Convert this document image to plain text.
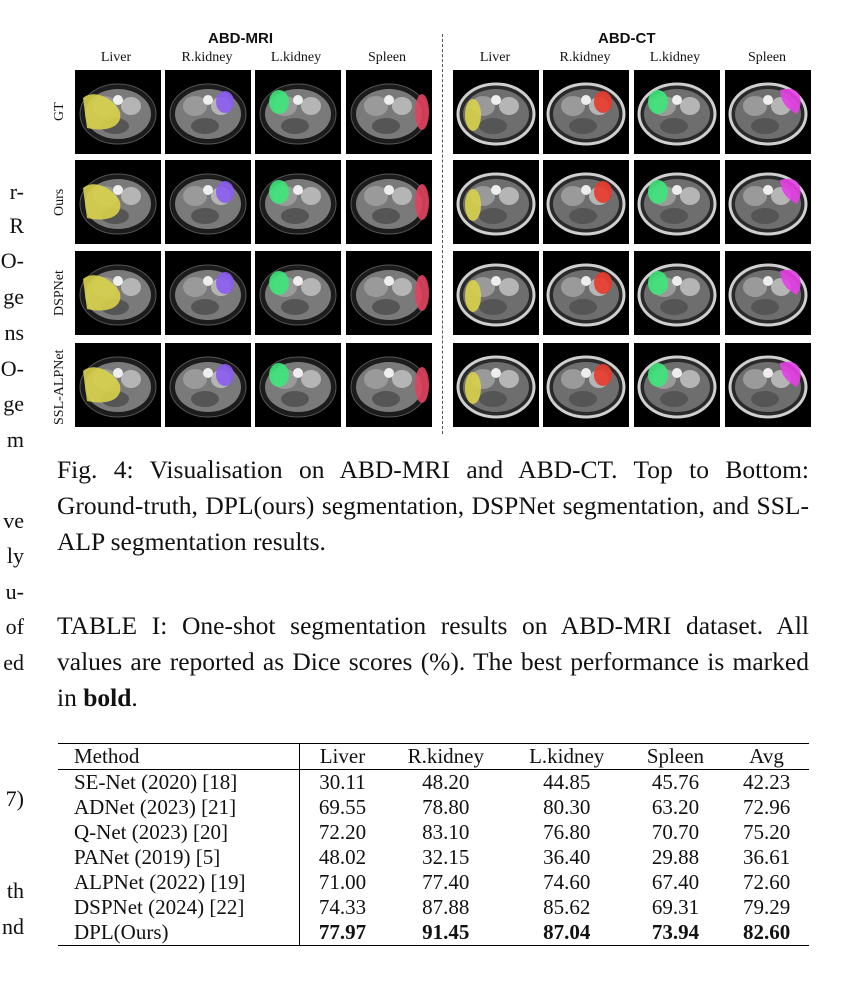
r-
R
O-
ge
ns
O-
ge
m
ve
ly
u-
of
ed
7)
th
nd
ABD-MRI	ABD-CT
Liver	R.kidney	L.kidney	Spleen	Liver	R.kidney	L.kidney	Spleen
GT
Ours
DSPNet
SSL-ALPNet
Fig. 4: Visualisation on ABD-MRI and ABD-CT. Top to Bottom: Ground-truth, DPL(ours) segmentation, DSPNet segmentation, and SSL-ALP segmentation results.
TABLE I: One-shot segmentation results on ABD-MRI dataset. All values are reported as Dice scores (%). The best performance is marked in bold.
Method	Liver	R.kidney	L.kidney	Spleen	Avg
SE-Net (2020) [18]	30.11	48.20	44.85	45.76	42.23
ADNet (2023) [21]	69.55	78.80	80.30	63.20	72.96
Q-Net (2023) [20]	72.20	83.10	76.80	70.70	75.20
PANet (2019) [5]	48.02	32.15	36.40	29.88	36.61
ALPNet (2022) [19]	71.00	77.40	74.60	67.40	72.60
DSPNet (2024) [22]	74.33	87.88	85.62	69.31	79.29
DPL(Ours)	77.97	91.45	87.04	73.94	82.60
